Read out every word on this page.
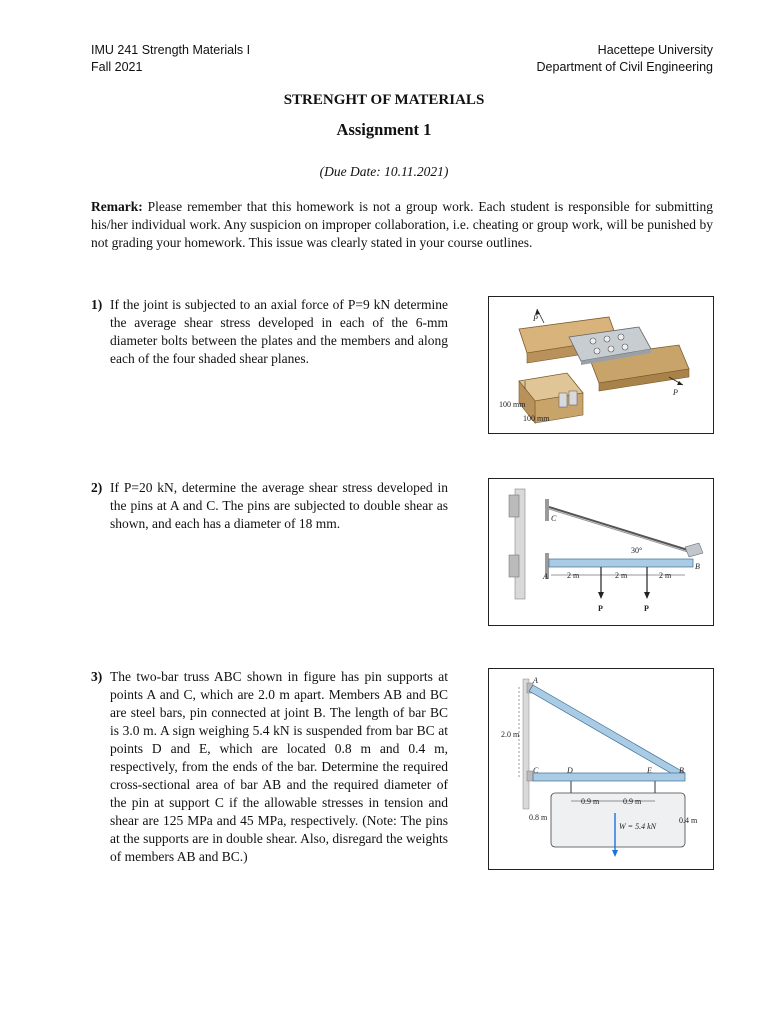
IMU 241 Strength Materials I
Fall 2021
Hacettepe University
Department of Civil Engineering
STRENGHT OF MATERIALS
Assignment 1
(Due Date: 10.11.2021)
Remark: Please remember that this homework is not a group work. Each student is responsible for submitting his/her individual work. Any suspicion on improper collaboration, i.e. cheating or group work, will be punished by not grading your homework. This issue was clearly stated in your course outlines.
1) If the joint is subjected to an axial force of P=9 kN determine the average shear stress developed in each of the 6-mm diameter bolts between the plates and the members and along each of the four shaded shear planes.
P
P
100 mm
100 mm
2) If P=20 kN, determine the average shear stress developed in the pins at A and C. The pins are subjected to double shear as shown, and each has a diameter of 18 mm.	C
A
B
30°
2 m	2 m	2 m
P	P
3) The two-bar truss ABC shown in figure has pin supports at points A and C, which are 2.0 m apart. Members AB and BC are steel bars, pin connected at joint B. The length of bar BC is 3.0 m. A sign weighing 5.4 kN is suspended from bar BC at points D and E, which are located 0.8 m and 0.4 m, respectively, from the ends of the bar. Determine the required cross-sectional area of bar AB and the required diameter of the pin at support C if the allowable stresses in tension and shear are 125 MPa and 45 MPa, respectively. (Note: The pins at the supports are in double shear. Also, disregard the weights of members AB and BC.)
A
C	D	E	B
2.0 m
0.9 m	0.9 m
0.8 m	0.4 m
W = 5.4 kN
